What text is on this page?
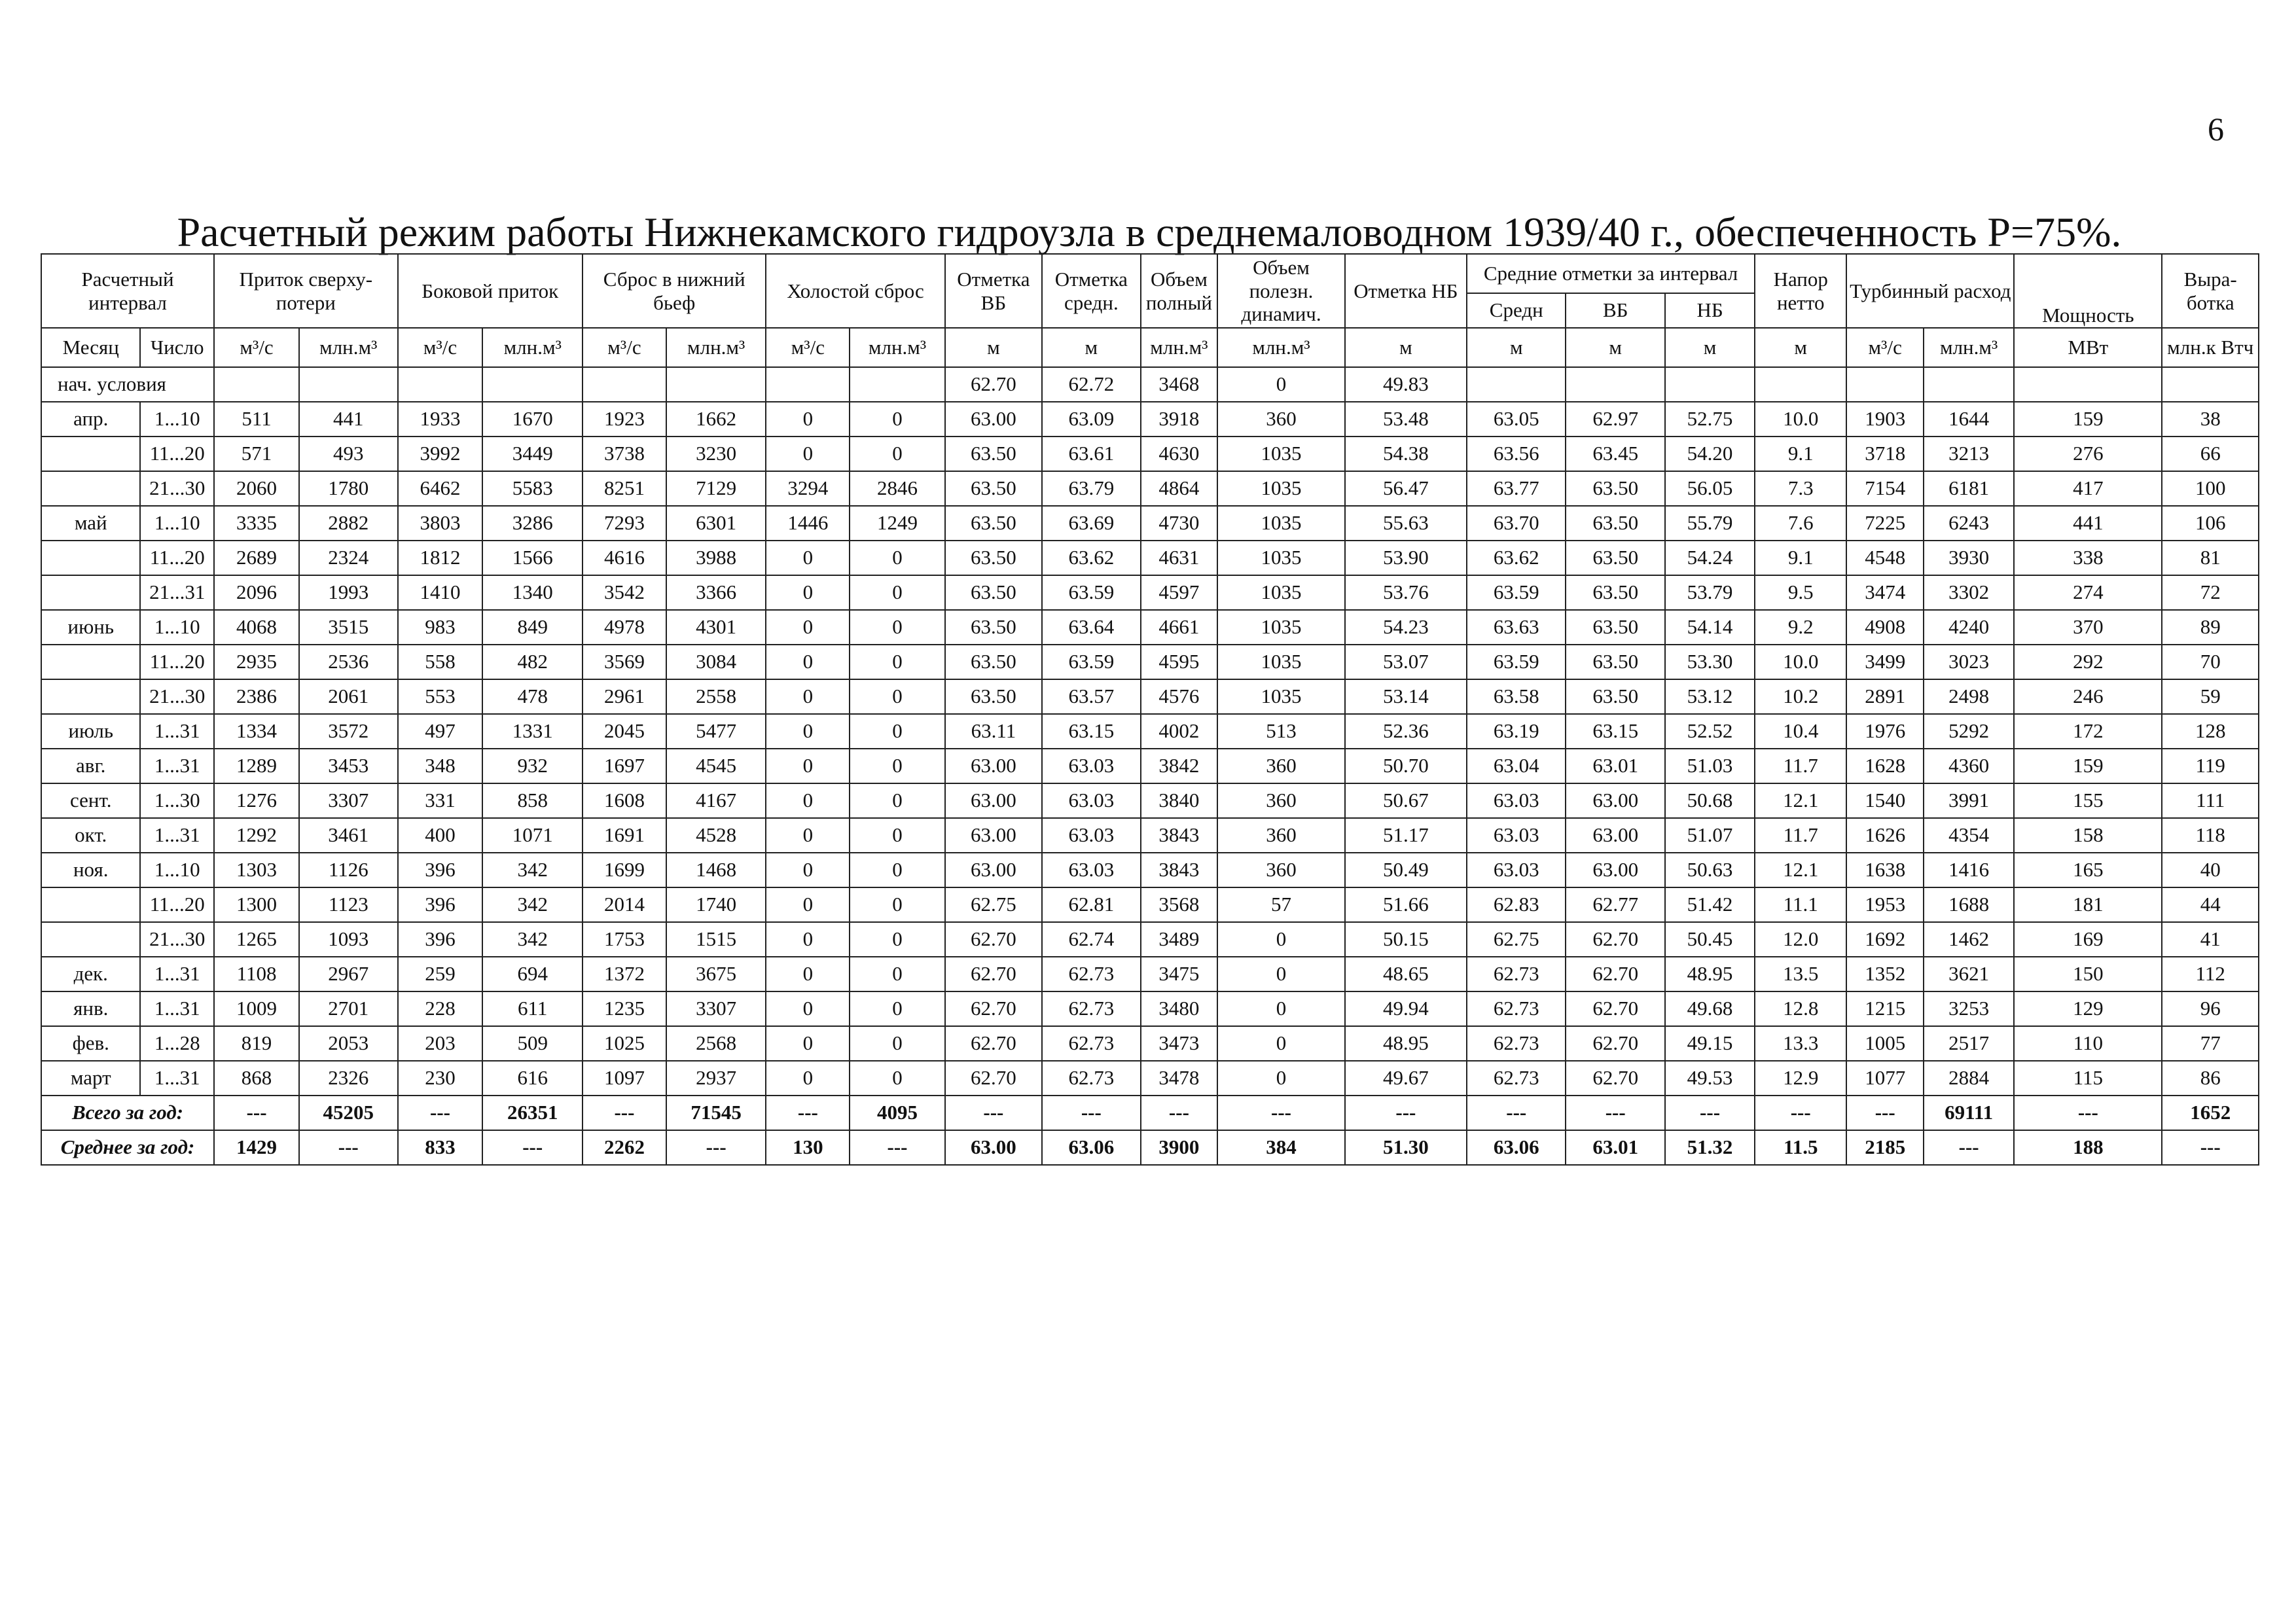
6
Расчетный режим работы Нижнекамского гидроузла в среднемаловодном 1939/40 г., обеспеченность Р=75%.
Расчетный интервал		Приток сверху-потери		Боковой приток		Сброс в нижний бьеф		Холостой сброс		Отметка ВБ	Отметка средн.	Объем полный	Объем полезн. динамич.	Отметка НБ	Средние отметки за интервал			Напор нетто	Турбинный расход		Мощность	Выра-ботка
															Средн	ВБ	НБ					
Месяц	Число	м³/с	млн.м³	м³/с	млн.м³	м³/с	млн.м³	м³/с	млн.м³	м	м	млн.м³	млн.м³	м	м	м	м	м	м³/с	млн.м³	МВт	млн.к Втч
нач. условия										62.70	62.72	3468	0	49.83								
апр.	1...10	511	441	1933	1670	1923	1662	0	0	63.00	63.09	3918	360	53.48	63.05	62.97	52.75	10.0	1903	1644	159	38
	11...20	571	493	3992	3449	3738	3230	0	0	63.50	63.61	4630	1035	54.38	63.56	63.45	54.20	9.1	3718	3213	276	66
	21...30	2060	1780	6462	5583	8251	7129	3294	2846	63.50	63.79	4864	1035	56.47	63.77	63.50	56.05	7.3	7154	6181	417	100
май	1...10	3335	2882	3803	3286	7293	6301	1446	1249	63.50	63.69	4730	1035	55.63	63.70	63.50	55.79	7.6	7225	6243	441	106
	11...20	2689	2324	1812	1566	4616	3988	0	0	63.50	63.62	4631	1035	53.90	63.62	63.50	54.24	9.1	4548	3930	338	81
	21...31	2096	1993	1410	1340	3542	3366	0	0	63.50	63.59	4597	1035	53.76	63.59	63.50	53.79	9.5	3474	3302	274	72
июнь	1...10	4068	3515	983	849	4978	4301	0	0	63.50	63.64	4661	1035	54.23	63.63	63.50	54.14	9.2	4908	4240	370	89
	11...20	2935	2536	558	482	3569	3084	0	0	63.50	63.59	4595	1035	53.07	63.59	63.50	53.30	10.0	3499	3023	292	70
	21...30	2386	2061	553	478	2961	2558	0	0	63.50	63.57	4576	1035	53.14	63.58	63.50	53.12	10.2	2891	2498	246	59
июль	1...31	1334	3572	497	1331	2045	5477	0	0	63.11	63.15	4002	513	52.36	63.19	63.15	52.52	10.4	1976	5292	172	128
авг.	1...31	1289	3453	348	932	1697	4545	0	0	63.00	63.03	3842	360	50.70	63.04	63.01	51.03	11.7	1628	4360	159	119
сент.	1...30	1276	3307	331	858	1608	4167	0	0	63.00	63.03	3840	360	50.67	63.03	63.00	50.68	12.1	1540	3991	155	111
окт.	1...31	1292	3461	400	1071	1691	4528	0	0	63.00	63.03	3843	360	51.17	63.03	63.00	51.07	11.7	1626	4354	158	118
ноя.	1...10	1303	1126	396	342	1699	1468	0	0	63.00	63.03	3843	360	50.49	63.03	63.00	50.63	12.1	1638	1416	165	40
	11...20	1300	1123	396	342	2014	1740	0	0	62.75	62.81	3568	57	51.66	62.83	62.77	51.42	11.1	1953	1688	181	44
	21...30	1265	1093	396	342	1753	1515	0	0	62.70	62.74	3489	0	50.15	62.75	62.70	50.45	12.0	1692	1462	169	41
дек.	1...31	1108	2967	259	694	1372	3675	0	0	62.70	62.73	3475	0	48.65	62.73	62.70	48.95	13.5	1352	3621	150	112
янв.	1...31	1009	2701	228	611	1235	3307	0	0	62.70	62.73	3480	0	49.94	62.73	62.70	49.68	12.8	1215	3253	129	96
фев.	1...28	819	2053	203	509	1025	2568	0	0	62.70	62.73	3473	0	48.95	62.73	62.70	49.15	13.3	1005	2517	110	77
март	1...31	868	2326	230	616	1097	2937	0	0	62.70	62.73	3478	0	49.67	62.73	62.70	49.53	12.9	1077	2884	115	86
Всего за год:		---	45205	---	26351	---	71545	---	4095	---	---	---	---	---	---	---	---	---	---	69111	---	1652
Среднее за год:		1429	---	833	---	2262	---	130	---	63.00	63.06	3900	384	51.30	63.06	63.01	51.32	11.5	2185	---	188	---
